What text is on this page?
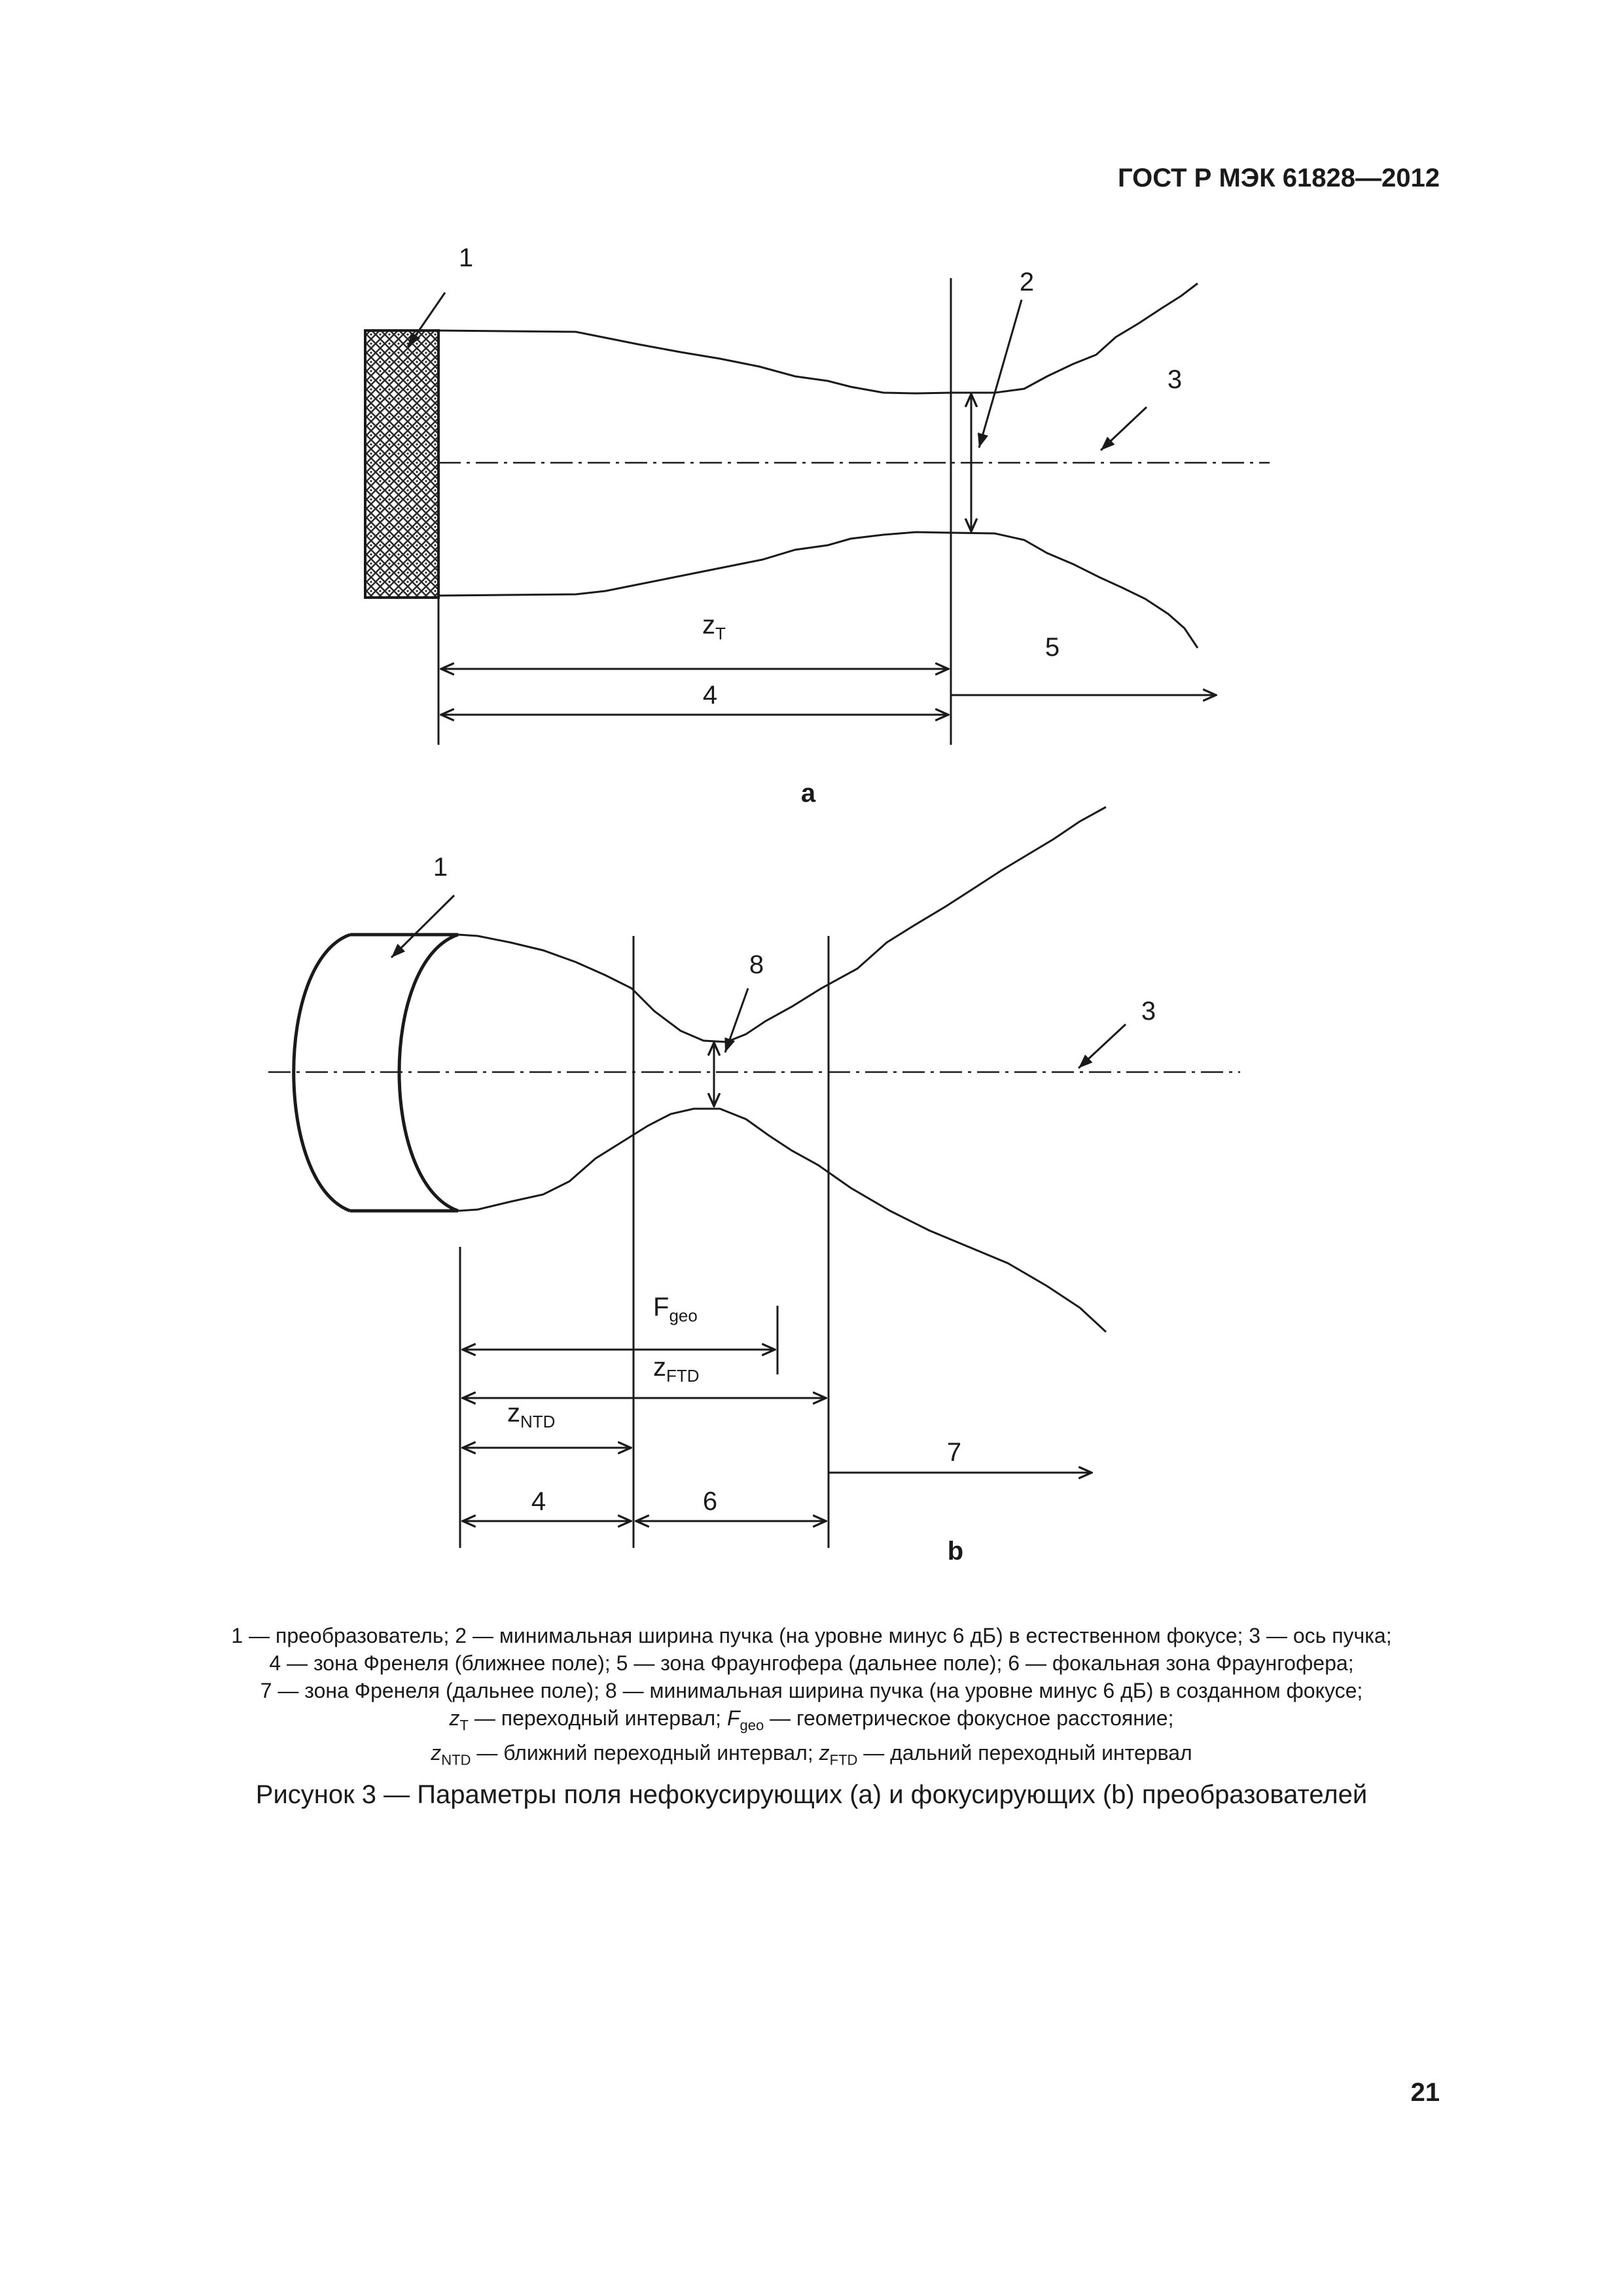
ГОСТ Р МЭК 61828—2012
1
2
3
$z_T$
4
5
a
1
8
3
$F_{geo}$
$z_{FTD}$
$z_{NTD}$
4	6
7
b
1 — преобразователь; 2 — минимальная ширина пучка (на уровне минус 6 дБ) в естественном фокусе; 3 — ось пучка;
4 — зона Френеля (ближнее поле); 5 — зона Фраунгофера (дальнее поле); 6 — фокальная зона Фраунгофера;
7 — зона Френеля (дальнее поле); 8 — минимальная ширина пучка (на уровне минус 6 дБ) в созданном фокусе;
$z_T$ — переходный интервал; $F_{geo}$ — геометрическое фокусное расстояние;
$z_{NTD}$ — ближний переходный интервал; $z_{FTD}$ — дальний переходный интервал
Рисунок 3 — Параметры поля нефокусирующих (a) и фокусирующих (b) преобразователей
21
